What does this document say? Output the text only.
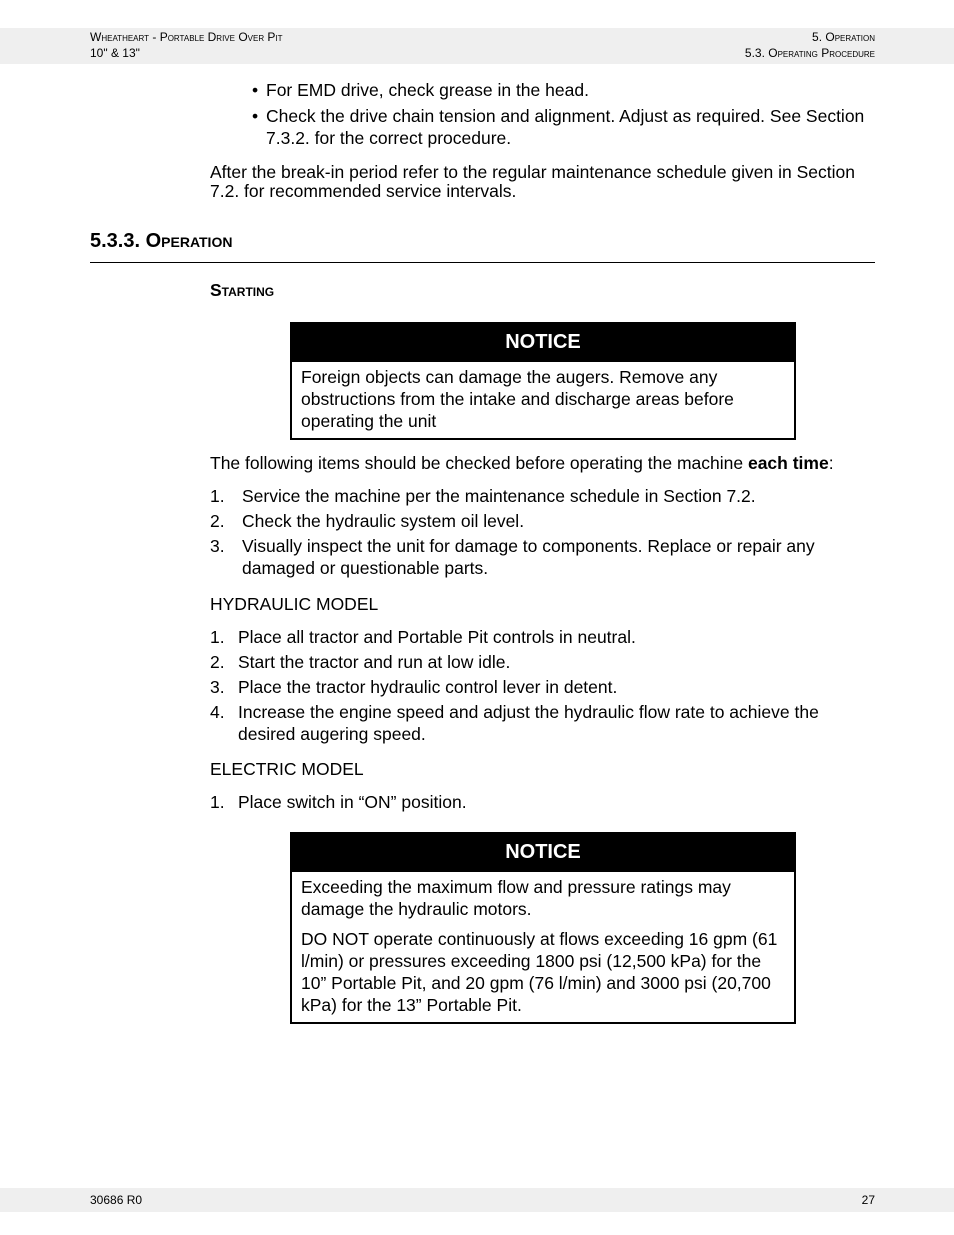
Wheatheart - Portable Drive Over Pit
10" & 13"
5. Operation
5.3. Operating Procedure
• For EMD drive, check grease in the head.
• Check the drive chain tension and alignment. Adjust as required. See Section 7.3.2. for the correct procedure.
After the break-in period refer to the regular maintenance schedule given in Section 7.2. for recommended service intervals.
5.3.3. Operation
Starting
NOTICE

Foreign objects can damage the augers. Remove any obstructions from the intake and discharge areas before operating the unit

The following items should be checked before operating the machine each time:
1. Service the machine per the maintenance schedule in Section 7.2.
2. Check the hydraulic system oil level.
3. Visually inspect the unit for damage to components. Replace or repair any damaged or questionable parts.
HYDRAULIC MODEL
1. Place all tractor and Portable Pit controls in neutral.
2. Start the tractor and run at low idle.
3. Place the tractor hydraulic control lever in detent.
4. Increase the engine speed and adjust the hydraulic flow rate to achieve the desired augering speed.
ELECTRIC MODEL
1. Place switch in “ON” position.
NOTICE

Exceeding the maximum flow and pressure ratings may damage the hydraulic motors.

DO NOT operate continuously at flows exceeding 16 gpm (61 l/min) or pressures exceeding 1800 psi (12,500 kPa) for the 10” Portable Pit, and 20 gpm (76 l/min) and 3000 psi (20,700 kPa) for the 13” Portable Pit.

30686 R0	27
